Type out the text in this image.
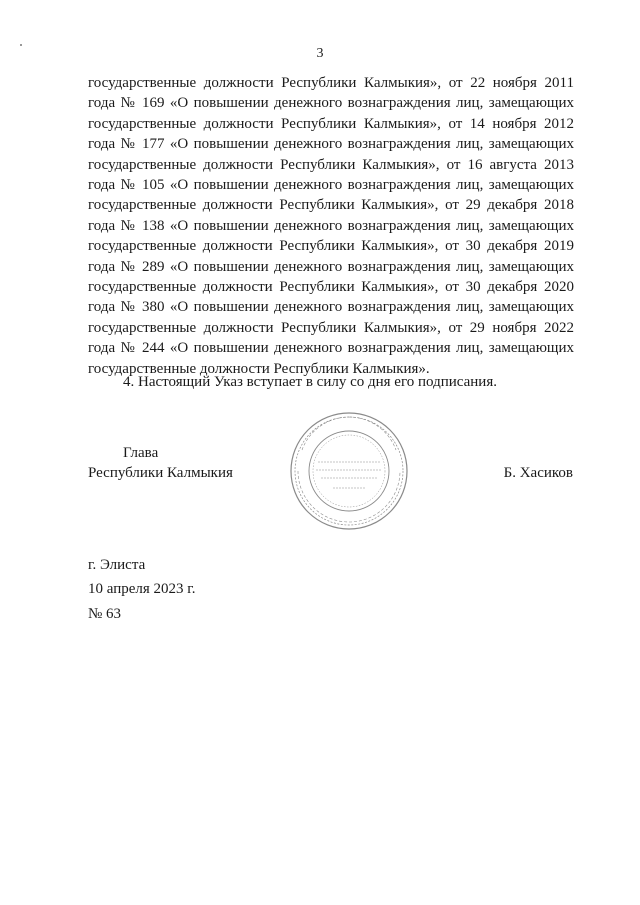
3

государственные должности Республики Калмыкия», от 22 ноября 2011 года № 169 «О повышении денежного вознаграждения лиц, замещающих государственные должности Республики Калмыкия», от 14 ноября 2012 года № 177 «О повышении денежного вознаграждения лиц, замещающих государственные должности Республики Калмыкия», от 16 августа 2013 года № 105 «О повышении денежного вознаграждения лиц, замещающих государственные должности Республики Калмыкия», от 29 декабря 2018 года № 138 «О повышении денежного вознаграждения лиц, замещающих государственные должности Республики Калмыкия», от 30 декабря 2019 года № 289 «О повышении денежного вознаграждения лиц, замещающих государственные должности Республики Калмыкия», от 30 декабря 2020 года № 380 «О повышении денежного вознаграждения лиц, замещающих государственные должности Республики Калмыкия», от 29 ноября 2022 года № 244 «О повышении денежного вознаграждения лиц, замещающих государственные должности Республики Калмыкия».

4. Настоящий Указ вступает в силу со дня его подписания.

Глава
Республики Калмыкия	Б. Хасиков
г. Элиста
10 апреля 2023 г.
№ 63
